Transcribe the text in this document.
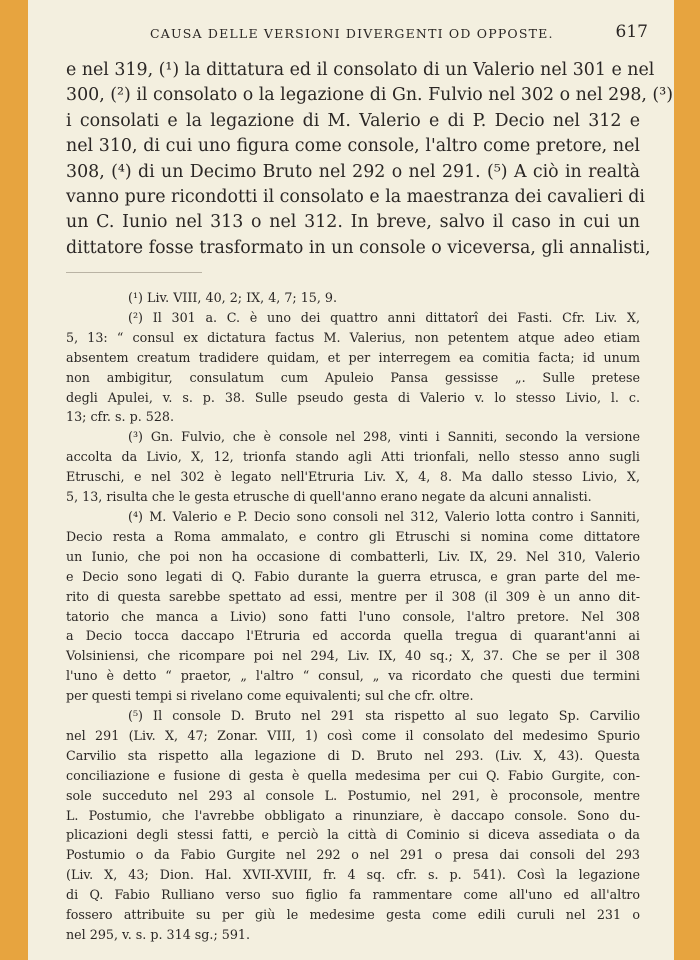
CAUSA DELLE VERSIONI DIVERGENTI OD OPPOSTE.	617
e nel 319, (¹) la dittatura ed il consolato di un Valerio nel 301 e nel
300, (²) il consolato o la legazione di Gn. Fulvio nel 302 o nel 298, (³)
i consolati e la legazione di M. Valerio e di P. Decio nel 312 e
nel 310, di cui uno figura come console, l'altro come pretore, nel
308, (⁴) di un Decimo Bruto nel 292 o nel 291. (⁵) A ciò in realtà
vanno pure ricondotti il consolato e la maestranza dei cavalieri di
un C. Iunio nel 313 o nel 312. In breve, salvo il caso in cui un
dittatore fosse trasformato in un console o viceversa, gli annalisti,
(¹) Liv. VIII, 40, 2; IX, 4, 7; 15, 9.
(²) Il 301 a. C. è uno dei quattro anni dittatorî dei Fasti. Cfr. Liv. X,
5, 13: “ consul ex dictatura factus M. Valerius, non petentem atque adeo etiam
absentem creatum tradidere quidam, et per interregem ea comitia facta; id unum
non ambigitur, consulatum cum Apuleio Pansa gessisse „. Sulle pretese
degli Apulei, v. s. p. 38. Sulle pseudo gesta di Valerio v. lo stesso Livio, l. c.
13; cfr. s. p. 528.
(³) Gn. Fulvio, che è console nel 298, vinti i Sanniti, secondo la versione
accolta da Livio, X, 12, trionfa stando agli Atti trionfali, nello stesso anno sugli
Etruschi, e nel 302 è legato nell'Etruria Liv. X, 4, 8. Ma dallo stesso Livio, X,
5, 13, risulta che le gesta etrusche di quell'anno erano negate da alcuni annalisti.
(⁴) M. Valerio e P. Decio sono consoli nel 312, Valerio lotta contro i Sanniti,
Decio resta a Roma ammalato, e contro gli Etruschi si nomina come dittatore
un Iunio, che poi non ha occasione di combatterli, Liv. IX, 29. Nel 310, Valerio
e Decio sono legati di Q. Fabio durante la guerra etrusca, e gran parte del me-
rito di questa sarebbe spettato ad essi, mentre per il 308 (il 309 è un anno dit-
tatorio che manca a Livio) sono fatti l'uno console, l'altro pretore. Nel 308
a Decio tocca daccapo l'Etruria ed accorda quella tregua di quarant'anni ai
Volsiniensi, che ricompare poi nel 294, Liv. IX, 40 sq.; X, 37. Che se per il 308
l'uno è detto “ praetor, „ l'altro “ consul, „ va ricordato che questi due termini
per questi tempi si rivelano come equivalenti; sul che cfr. oltre.
(⁵) Il console D. Bruto nel 291 sta rispetto al suo legato Sp. Carvilio
nel 291 (Liv. X, 47; Zonar. VIII, 1) così come il consolato del medesimo Spurio
Carvilio sta rispetto alla legazione di D. Bruto nel 293. (Liv. X, 43). Questa
conciliazione e fusione di gesta è quella medesima per cui Q. Fabio Gurgite, con-
sole succeduto nel 293 al console L. Postumio, nel 291, è proconsole, mentre
L. Postumio, che l'avrebbe obbligato a rinunziare, è daccapo console. Sono du-
plicazioni degli stessi fatti, e perciò la città di Cominio si diceva assediata o da
Postumio o da Fabio Gurgite nel 292 o nel 291 o presa dai consoli del 293
(Liv. X, 43; Dion. Hal. XVII-XVIII, fr. 4 sq. cfr. s. p. 541). Così la legazione
di Q. Fabio Rulliano verso suo figlio fa rammentare come all'uno ed all'altro
fossero attribuite su per giù le medesime gesta come edili curuli nel 231 o
nel 295, v. s. p. 314 sg.; 591.
